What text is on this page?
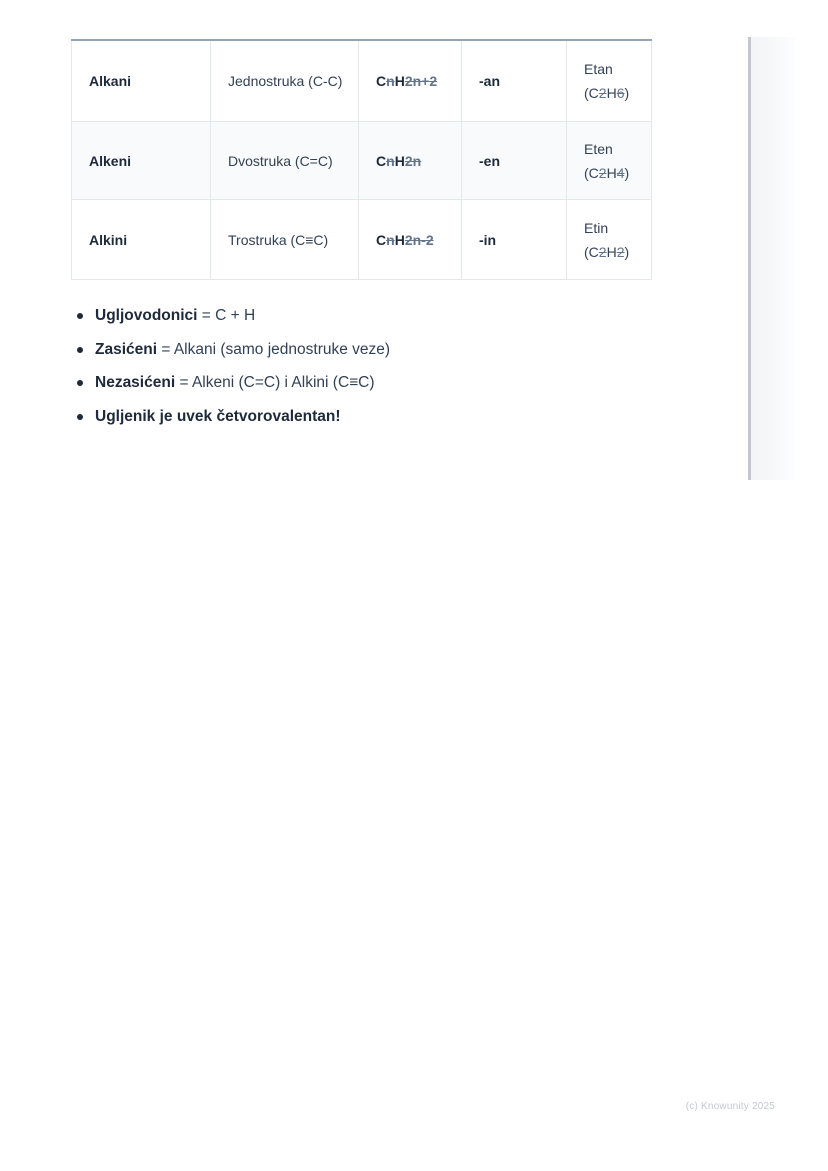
Alkani	Jednostruka (C-C)	CnH2n+2	-an	Etan
(C2H6)

Alkeni	Dvostruka (C=C)	CnH2n	-en	Eten
(C2H4)

Alkini	Trostruka (C≡C)	CnH2n-2	-in	Etin
(C2H2)
Ugljovodonici = C + H
Zasićeni = Alkani (samo jednostruke veze)
Nezasićeni = Alkeni (C=C) i Alkini (C≡C)
Ugljenik je uvek četvorovalentan!
(c) Knowunity 2025
